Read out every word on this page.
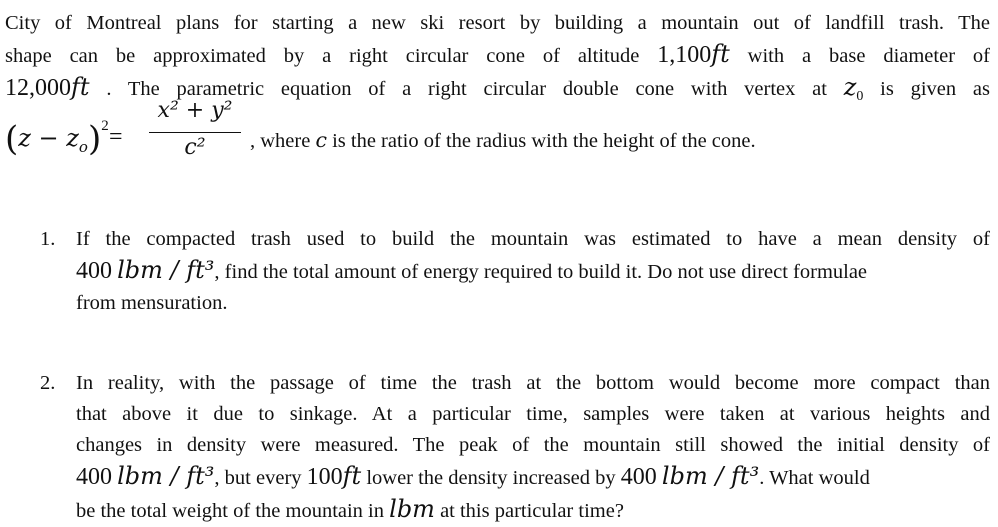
City of Montreal plans for starting a new ski resort by building a mountain out of landfill trash. The
shape can be approximated by a right circular cone of altitude 1,100ft with a base diameter of
12,000ft . The parametric equation of a right circular double cone with vertex at $z_0$ is given as
$(z - z_o)^2$ =
x² + y²
c²	, where c is the ratio of the radius with the height of the cone.
1. If the compacted trash used to build the mountain was estimated to have a mean density of
400 lbm / ft³, find the total amount of energy required to build it. Do not use direct formulae
from mensuration.
2. In reality, with the passage of time the trash at the bottom would become more compact than
that above it due to sinkage. At a particular time, samples were taken at various heights and
changes in density were measured. The peak of the mountain still showed the initial density of
400 lbm / ft³, but every 100ft lower the density increased by 400 lbm / ft³. What would
be the total weight of the mountain in lbm at this particular time?
